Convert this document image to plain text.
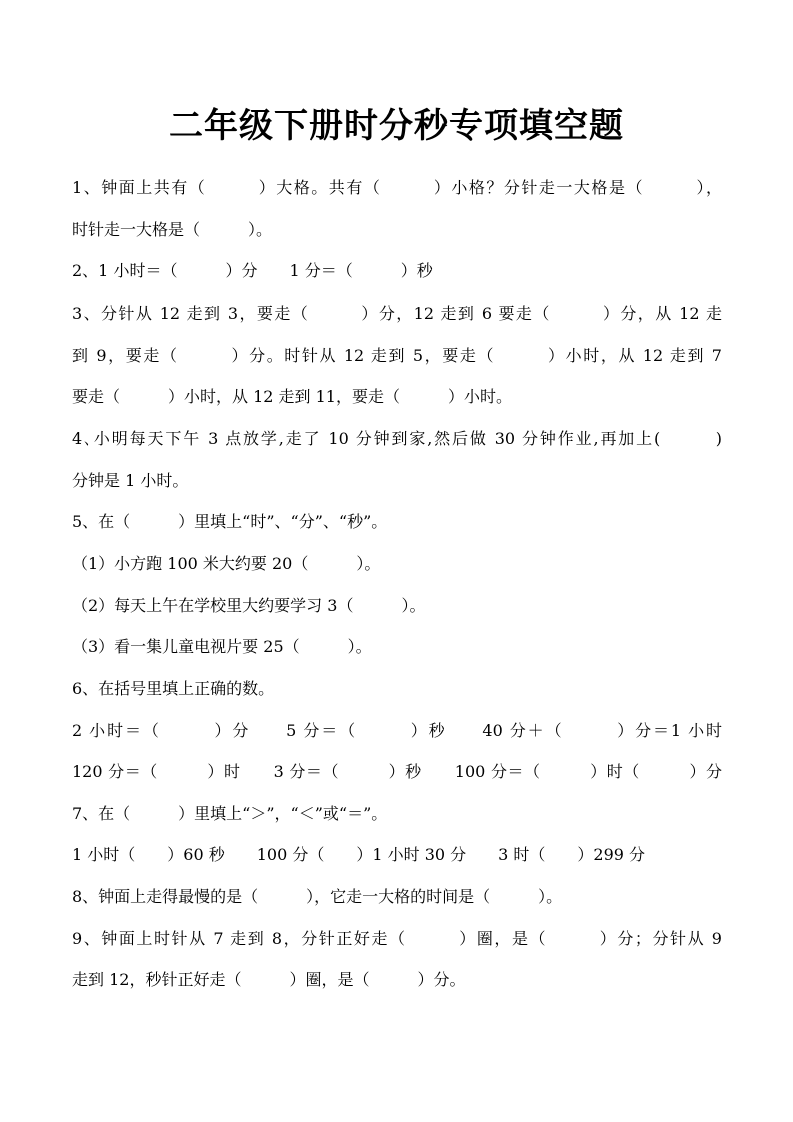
二年级下册时分秒专项填空题

1、钟面上共有（　　　）大格。共有（　　　）小格？分针走一大格是（　　　），

时针走一大格是（　　　）。

2、1 小时＝（　　　）分　　1 分＝（　　　）秒

3、分针从 12 走到 3，要走（　　　）分，12 走到 6 要走（　　　）分，从 12 走

到 9，要走（　　　）分。时针从 12 走到 5，要走（　　　）小时，从 12 走到 7

要走（　　　）小时，从 12 走到 11，要走（　　　）小时。

4､小明每天下午 3 点放学,走了 10 分钟到家,然后做 30 分钟作业,再加上(　　　)

分钟是 1 小时。

5、在（　　　）里填上“时”、“分”、“秒”。

（1）小方跑 100 米大约要 20（　　　）。

（2）每天上午在学校里大约要学习 3（　　　）。

（3）看一集儿童电视片要 25（　　　）。

6、在括号里填上正确的数。

2 小时＝（　　　）分　　5 分＝（　　　）秒　　40 分＋（　　　）分＝1 小时

120 分＝（　　　）时　　3 分＝（　　　）秒　　100 分＝（　　　）时（　　　）分

7、在（　　　）里填上“＞”，“＜”或“＝”。

1 小时（　　）60 秒　　100 分（　　）1 小时 30 分　　3 时（　　）299 分

8、钟面上走得最慢的是（　　　），它走一大格的时间是（　　　）。

9、钟面上时针从 7 走到 8，分针正好走（　　　）圈，是（　　　）分；分针从 9

走到 12，秒针正好走（　　　）圈，是（　　　）分。
